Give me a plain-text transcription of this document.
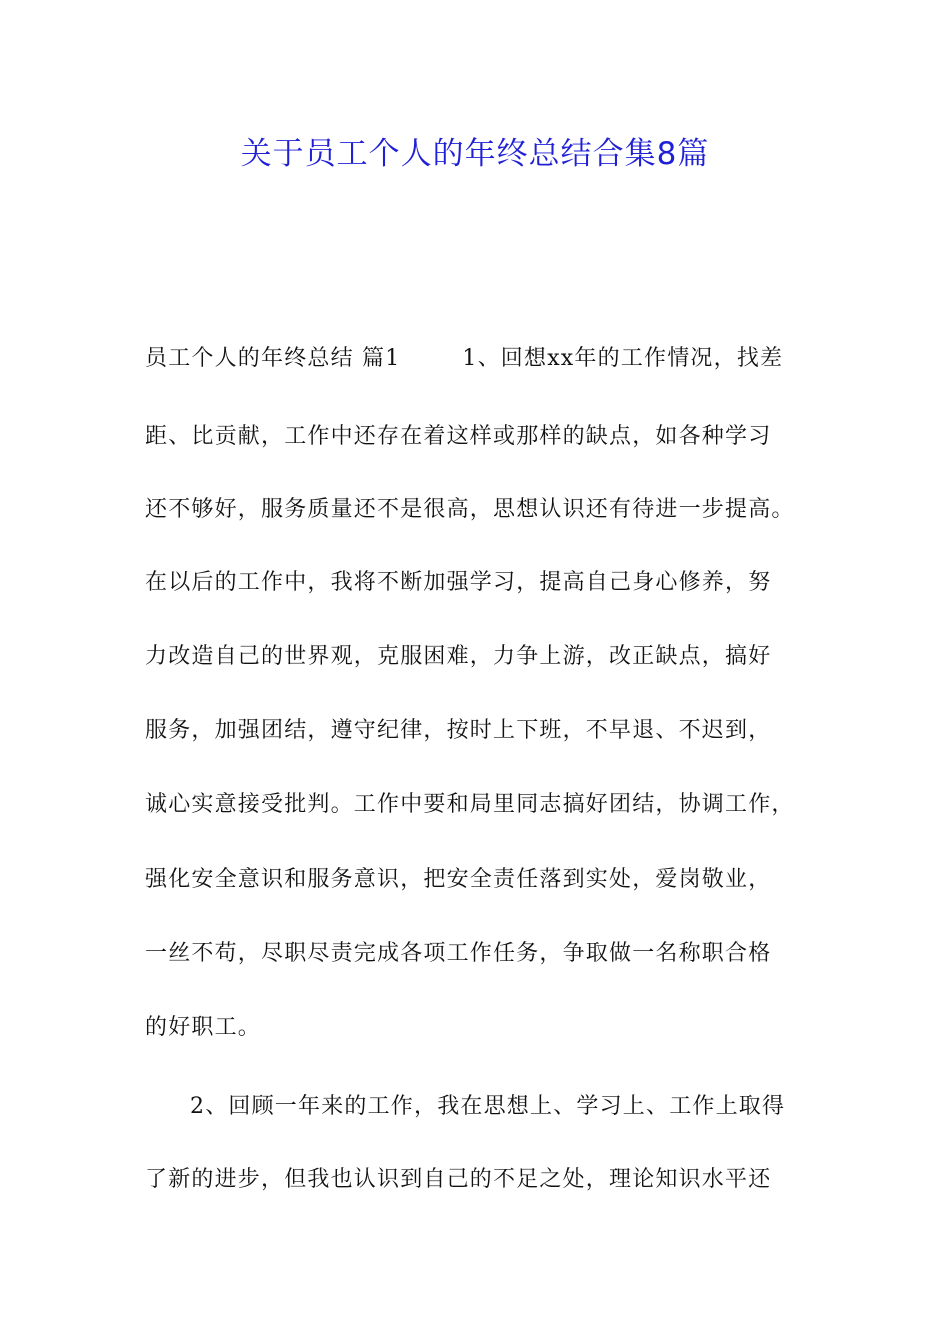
关于员工个人的年终总结合集8篇
员工个人的年终总结 篇1	1、回想xx年的工作情况，找差
距、比贡献，工作中还存在着这样或那样的缺点，如各种学习
还不够好，服务质量还不是很高，思想认识还有待进一步提高。
在以后的工作中，我将不断加强学习，提高自己身心修养，努
力改造自己的世界观，克服困难，力争上游，改正缺点，搞好
服务，加强团结，遵守纪律，按时上下班，不早退、不迟到，
诚心实意接受批判。工作中要和局里同志搞好团结，协调工作，
强化安全意识和服务意识，把安全责任落到实处，爱岗敬业，
一丝不苟，尽职尽责完成各项工作任务，争取做一名称职合格
的好职工。
2、回顾一年来的工作，我在思想上、学习上、工作上取得
了新的进步，但我也认识到自己的不足之处，理论知识水平还
